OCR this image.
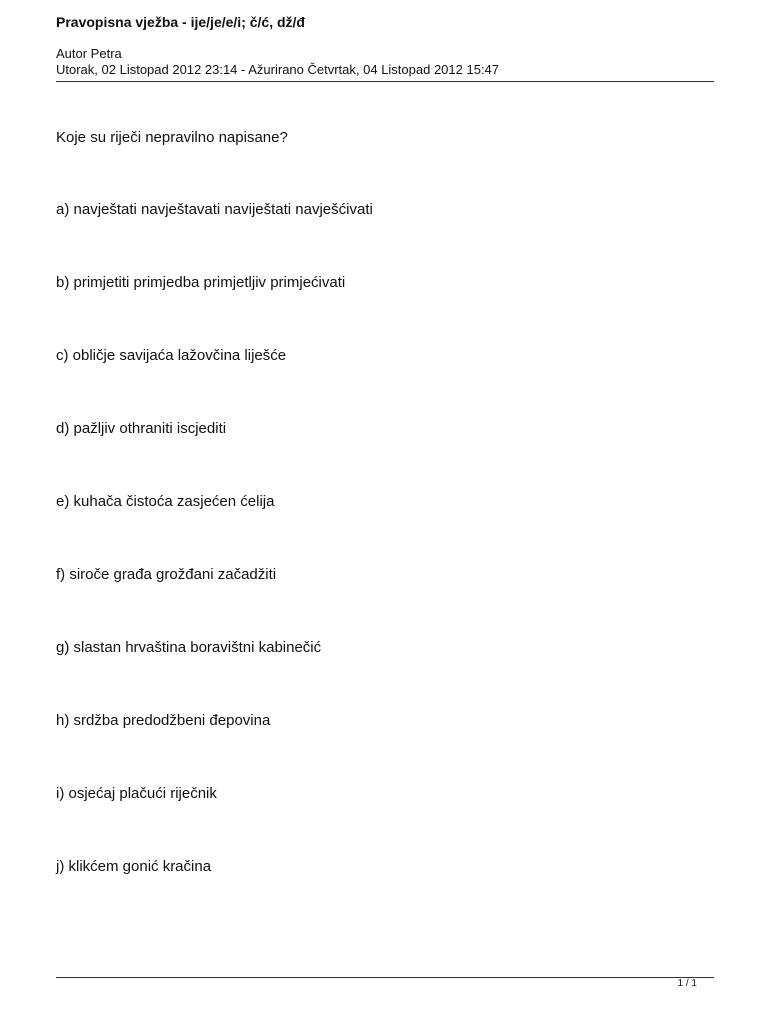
Pravopisna vježba - ije/je/e/i; č/ć, dž/đ
Autor Petra
Utorak, 02 Listopad 2012 23:14 - Ažurirano Četvrtak, 04 Listopad 2012 15:47
Koje su riječi nepravilno napisane?
a) navještati navještavati naviještati navješćivati
b) primjetiti primjedba primjetljiv primjećivati
c) obličje savijaća lažovčina liješće
d) pažljiv othraniti iscjediti
e) kuhača čistoća zasjećen ćelija
f) siroče građa grožđani začadžiti
g) slastan hrvaština boravištni kabinečić
h) srdžba predodžbeni đepovina
i) osjećaj plačući riječnik
j) klikćem gonić kračina
1 / 1
